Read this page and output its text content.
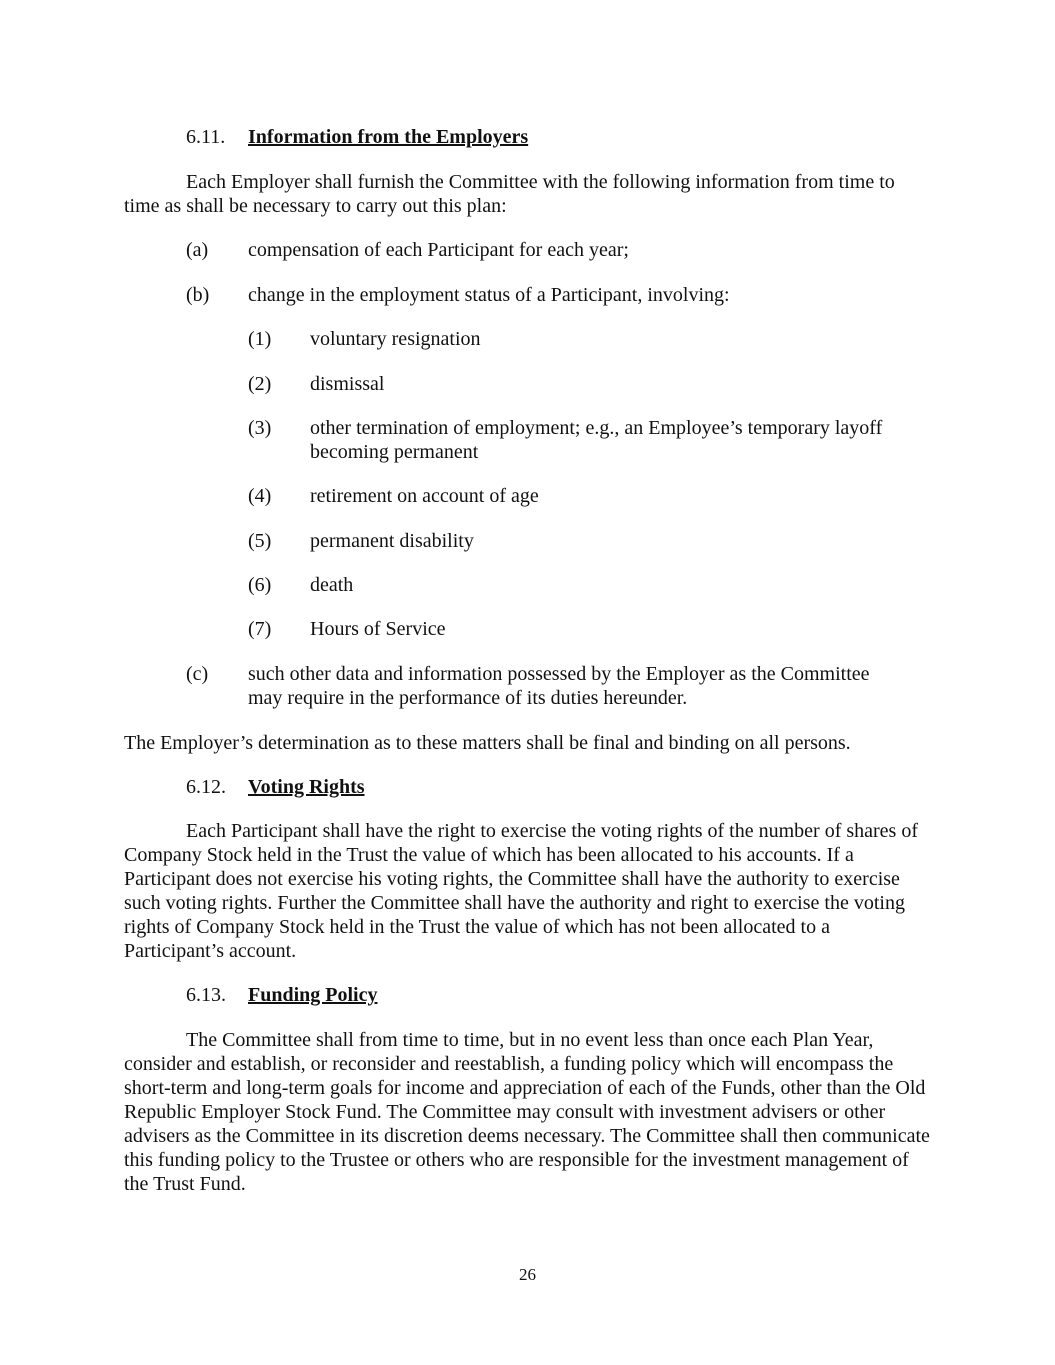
6.11. Information from the Employers

Each Employer shall furnish the Committee with the following information from time to time as shall be necessary to carry out this plan:

(a)	compensation of each Participant for each year;
(b)	change in the employment status of a Participant, involving:
(1)	voluntary resignation
(2)	dismissal
(3)	other termination of employment; e.g., an Employee’s temporary layoff becoming permanent
(4)	retirement on account of age
(5)	permanent disability
(6)	death
(7)	Hours of Service
(c)	such other data and information possessed by the Employer as the Committee may require in the performance of its duties hereunder.

The Employer’s determination as to these matters shall be final and binding on all persons.

6.12. Voting Rights

Each Participant shall have the right to exercise the voting rights of the number of shares of Company Stock held in the Trust the value of which has been allocated to his accounts. If a Participant does not exercise his voting rights, the Committee shall have the authority to exercise such voting rights. Further the Committee shall have the authority and right to exercise the voting rights of Company Stock held in the Trust the value of which has not been allocated to a Participant’s account.

6.13. Funding Policy

The Committee shall from time to time, but in no event less than once each Plan Year, consider and establish, or reconsider and reestablish, a funding policy which will encompass the short-term and long-term goals for income and appreciation of each of the Funds, other than the Old Republic Employer Stock Fund. The Committee may consult with investment advisers or other advisers as the Committee in its discretion deems necessary. The Committee shall then communicate this funding policy to the Trustee or others who are responsible for the investment management of the Trust Fund.

26
